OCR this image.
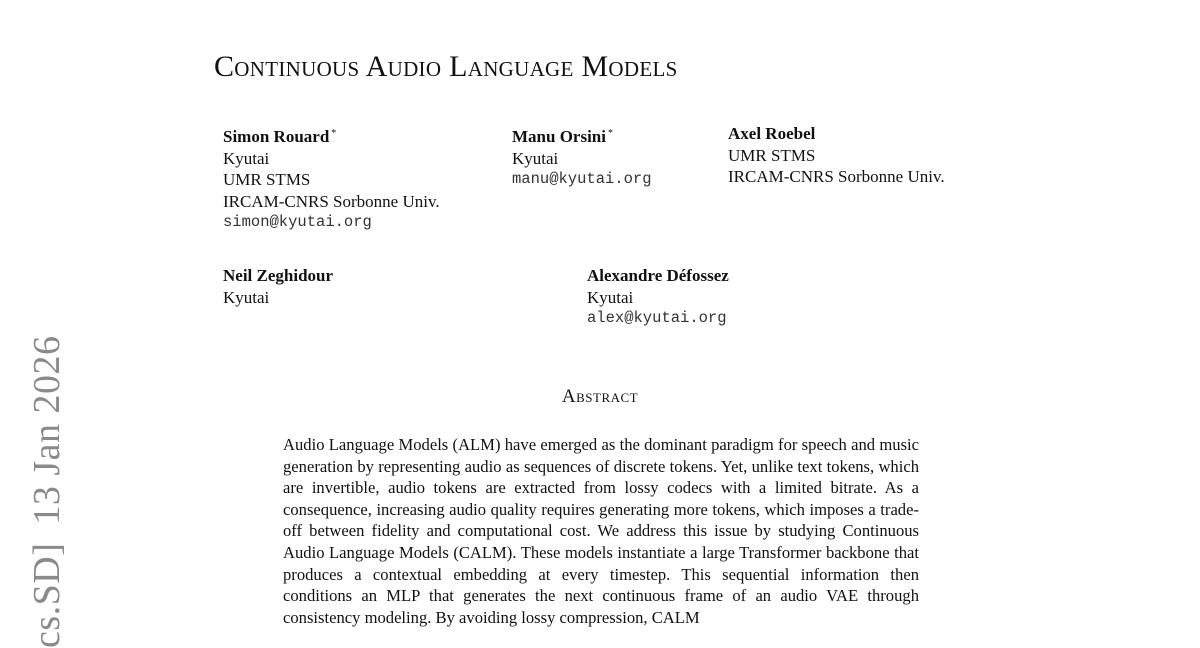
cs.SD]13 Jan 2026
Continuous Audio Language Models
Simon Rouard *
Kyutai
UMR STMS
IRCAM-CNRS Sorbonne Univ.
simon@kyutai.org
Manu Orsini *
Kyutai
manu@kyutai.org
Axel Roebel
UMR STMS
IRCAM-CNRS Sorbonne Univ.
Neil Zeghidour
Kyutai
Alexandre Défossez
Kyutai
alex@kyutai.org
Abstract

Audio Language Models (ALM) have emerged as the dominant paradigm for speech and music generation by representing audio as sequences of discrete tokens. Yet, unlike text tokens, which are invertible, audio tokens are extracted from lossy codecs with a limited bitrate. As a consequence, increasing audio quality requires generating more tokens, which imposes a trade-off between fidelity and computational cost. We address this issue by studying Continuous Audio Language Models (CALM). These models instantiate a large Transformer backbone that produces a contextual embedding at every timestep. This sequential information then conditions an MLP that generates the next continuous frame of an audio VAE through consistency modeling. By avoiding lossy compression, CALM
